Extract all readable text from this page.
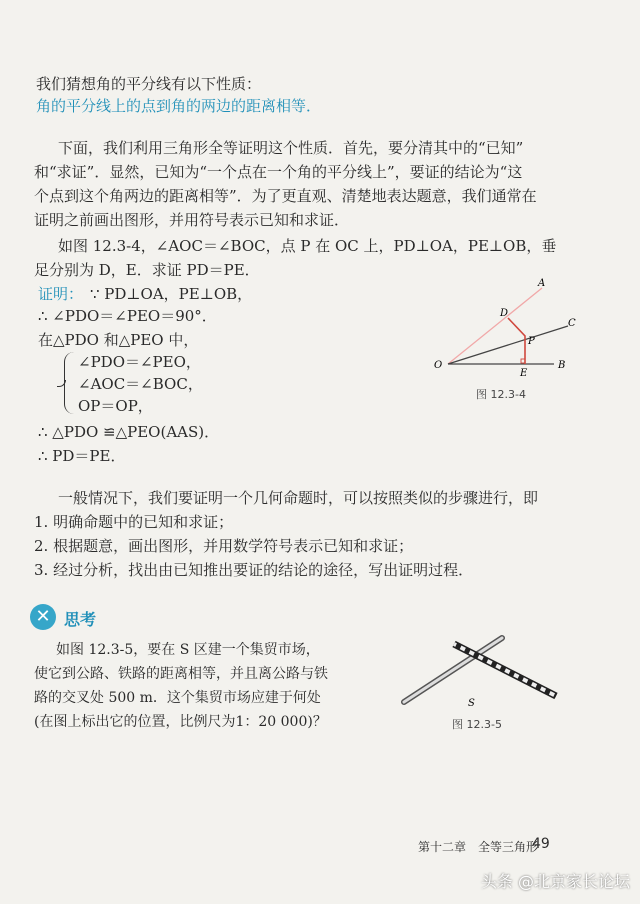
我们猜想角的平分线有以下性质：
角的平分线上的点到角的两边的距离相等．
下面，我们利用三角形全等证明这个性质．首先，要分清其中的“已知”
和“求证”．显然，已知为“一个点在一个角的平分线上”，要证的结论为“这
个点到这个角两边的距离相等”．为了更直观、清楚地表达题意，我们通常在
证明之前画出图形，并用符号表示已知和求证．
如图 12.3-4，∠AOC＝∠BOC，点 P 在 OC 上，PD⊥OA，PE⊥OB，垂
足分别为 D，E．求证 PD＝PE．
证明： ∵ PD⊥OA，PE⊥OB，
∴ ∠PDO＝∠PEO＝90°．
在△PDO 和△PEO 中，
∠PDO＝∠PEO，
∠AOC＝∠BOC，
OP＝OP，
∴ △PDO ≌△PEO(AAS)．
∴ PD＝PE．
O
A
B
C
D
E
P
图 12.3-4
一般情况下，我们要证明一个几何命题时，可以按照类似的步骤进行，即
1. 明确命题中的已知和求证；
2. 根据题意，画出图形，并用数学符号表示已知和求证；
3. 经过分析，找出由已知推出要证的结论的途径，写出证明过程．
✕ 思考
如图 12.3-5，要在 S 区建一个集贸市场，
使它到公路、铁路的距离相等，并且离公路与铁
路的交叉处 500 m．这个集贸市场应建于何处
(在图上标出它的位置，比例尺为1：20 000)？
S
图 12.3-5
第十二章　全等三角形
49
头条 @北京家长论坛
